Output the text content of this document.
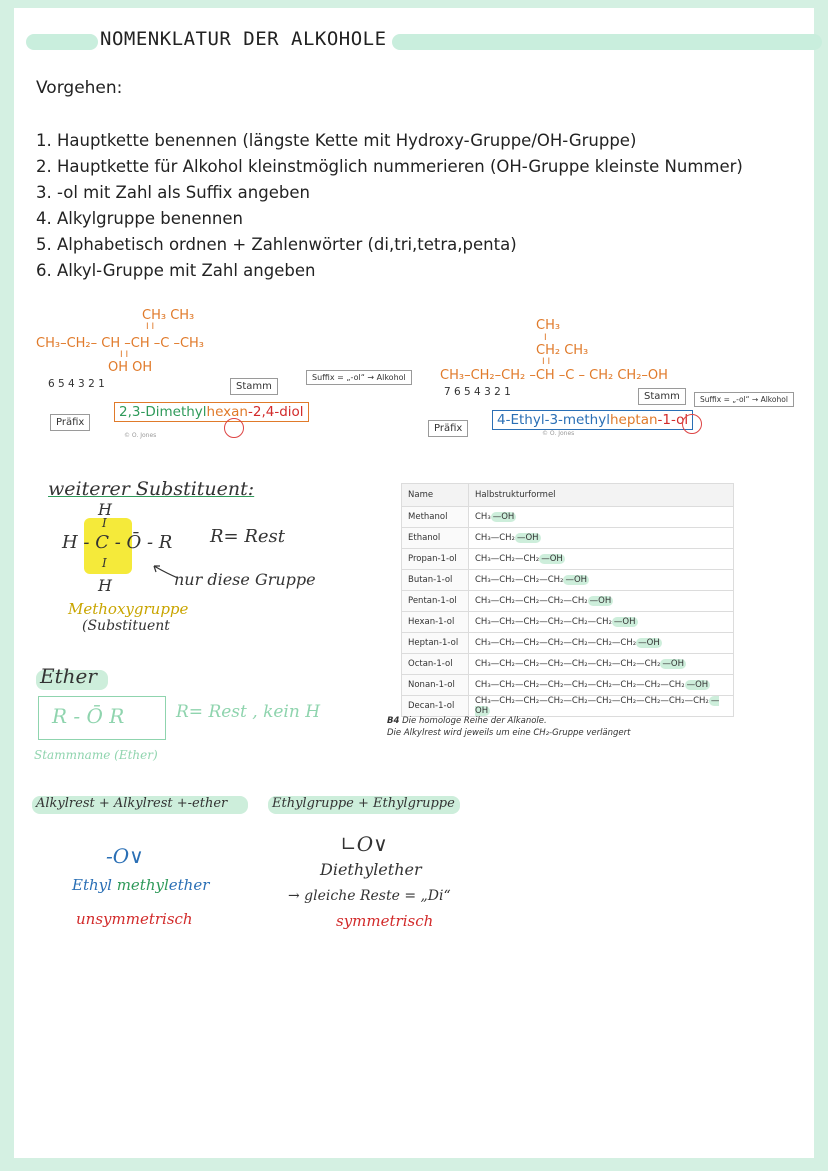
NOMENKLATUR DER ALKOHOLE
Vorgehen:
1. Hauptkette benennen (längste Kette mit Hydroxy-Gruppe/OH-Gruppe)
2. Hauptkette für Alkohol kleinstmöglich nummerieren (OH-Gruppe kleinste Nummer)
3. -ol mit Zahl als Suffix angeben
4. Alkylgruppe benennen
5. Alphabetisch ordnen + Zahlenwörter (di,tri,tetra,penta)
6. Alkyl-Gruppe mit Zahl angeben
CH₃ CH₃
I I
CH₃–CH₂– CH –CH –C –CH₃
I I
OH OH
6 5 4 3 2 1	Stamm
Suffix = „-ol“ → Alkohol
Präfix
2,3-Dimethylhexan-2,4-diol
© O. Jones
CH₃
I
CH₂ CH₃
I I
CH₃–CH₂–CH₂ –CH –C – CH₂ CH₂–OH
7 6 5 4 3 2 1	Stamm	Suffix = „-ol“ → Alkohol
Präfix
4-Ethyl-3-methylheptan-1-ol
© O. Jones
weiterer Substituent:
H
I
H - C - Ō - R
I
H
R= Rest
nur diese Gruppe
Methoxygruppe
(Substituent
Ether
R - Ō R	R= Rest , kein H
Stammname (Ether)
Name	Halbstrukturformel
Methanol	CH₃ —OH
Ethanol	CH₃—CH₂ —OH
Propan-1-ol	CH₃—CH₂—CH₂ —OH
Butan-1-ol	CH₃—CH₂—CH₂—CH₂ —OH
Pentan-1-ol	CH₃—CH₂—CH₂—CH₂—CH₂ —OH
Hexan-1-ol	CH₃—CH₂—CH₂—CH₂—CH₂—CH₂ —OH
Heptan-1-ol	CH₃—CH₂—CH₂—CH₂—CH₂—CH₂—CH₂ —OH
Octan-1-ol	CH₃—CH₂—CH₂—CH₂—CH₂—CH₂—CH₂—CH₂ —OH
Nonan-1-ol	CH₃—CH₂—CH₂—CH₂—CH₂—CH₂—CH₂—CH₂—CH₂ —OH
Decan-1-ol	CH₃—CH₂—CH₂—CH₂—CH₂—CH₂—CH₂—CH₂—CH₂—CH₂ —OH
B4 Die homologe Reihe der Alkanole.
Die Alkylrest wird jeweils um eine CH₂-Gruppe verlängert
Alkylrest + Alkylrest +-ether	Ethylgruppe + Ethylgruppe
-O∨
Ethyl methylether
unsymmetrisch
∟O∨
Diethylether
→ gleiche Reste = „Di“
symmetrisch
